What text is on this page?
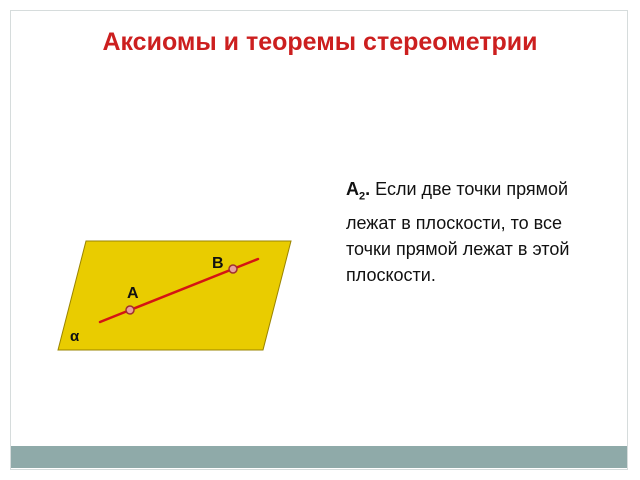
Аксиомы и теоремы стереометрии

$A_2$. Если две точки прямой лежат в плоскости, то все точки прямой лежат в этой плоскости.

B
A
α
